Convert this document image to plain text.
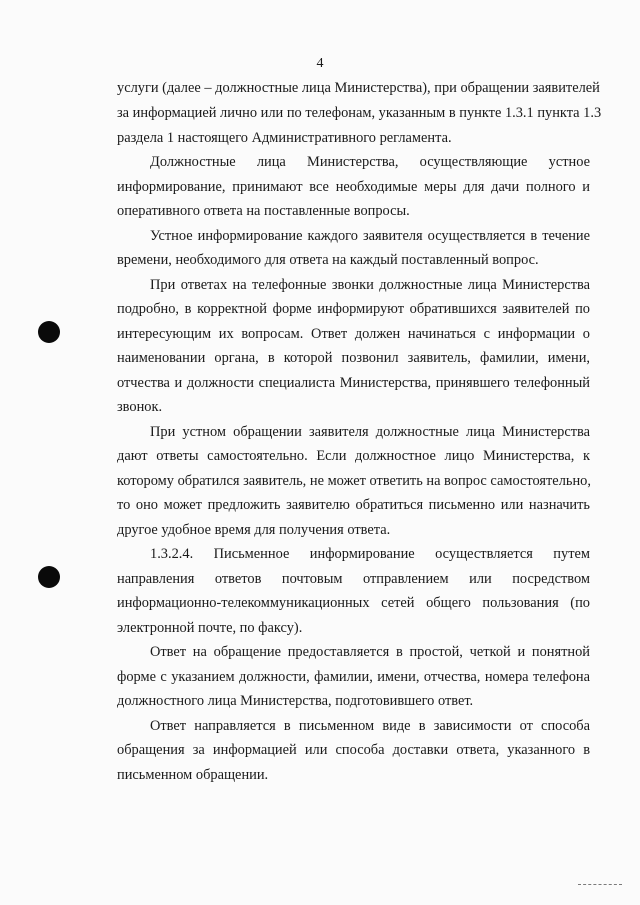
4
услуги (далее – должностные лица Министерства), при обращении заявителей
за информацией лично или по телефонам, указанным в пункте 1.3.1 пункта 1.3
раздела 1 настоящего Административного регламента.
Должностные лица Министерства, осуществляющие устное
информирование, принимают все необходимые меры для дачи полного и
оперативного ответа на поставленные вопросы.
Устное информирование каждого заявителя осуществляется в течение
времени, необходимого для ответа на каждый поставленный вопрос.
При ответах на телефонные звонки должностные лица Министерства
подробно, в корректной форме информируют обратившихся заявителей по
интересующим их вопросам. Ответ должен начинаться с информации о
наименовании органа, в которой позвонил заявитель, фамилии, имени,
отчества и должности специалиста Министерства, принявшего телефонный
звонок.
При устном обращении заявителя должностные лица Министерства
дают ответы самостоятельно. Если должностное лицо Министерства, к
которому обратился заявитель, не может ответить на вопрос самостоятельно,
то оно может предложить заявителю обратиться письменно или назначить
другое удобное время для получения ответа.
1.3.2.4. Письменное информирование осуществляется путем
направления ответов почтовым отправлением или посредством
информационно-телекоммуникационных сетей общего пользования (по
электронной почте, по факсу).
Ответ на обращение предоставляется в простой, четкой и понятной
форме с указанием должности, фамилии, имени, отчества, номера телефона
должностного лица Министерства, подготовившего ответ.
Ответ направляется в письменном виде в зависимости от способа
обращения за информацией или способа доставки ответа, указанного в
письменном обращении.
